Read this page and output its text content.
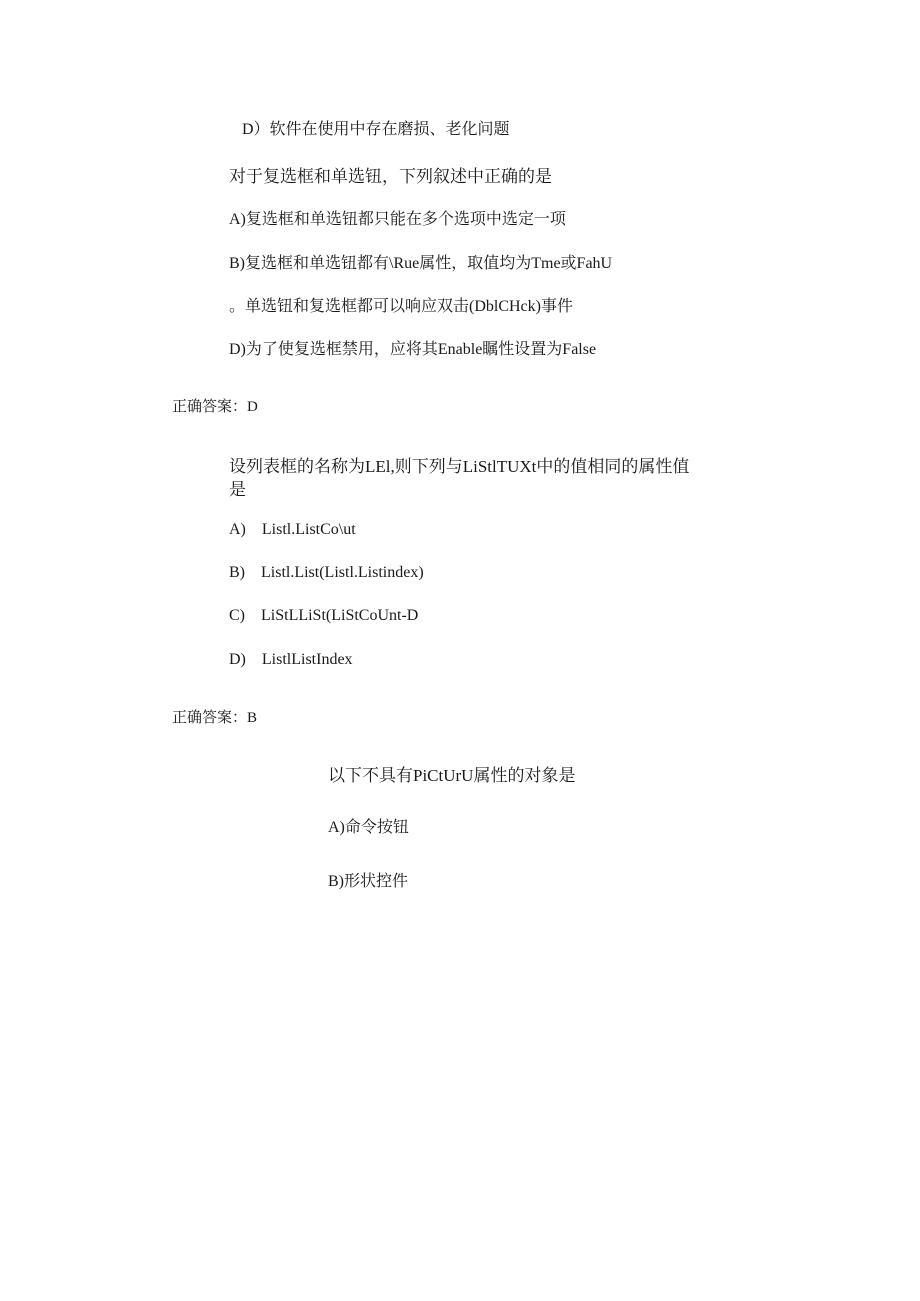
D）软件在使用中存在磨损、老化问题
对于复选框和单选钮，下列叙述中正确的是
A)复选框和单选钮都只能在多个选项中选定一项
B)复选框和单选钮都有\Rue属性，取值均为Tme或FahU
。单选钮和复选框都可以响应双击(DblCHck)事件
D)为了使复选框禁用，应将其Enable瞩性设置为False
正确答案：D
设列表框的名称为LEl,则下列与LiStlTUXt中的值相同的属性值是
A)　Listl.ListCo\ut
B)　Listl.List(Listl.Listindex)
C)　LiStLLiSt(LiStCoUnt-D
D)　ListlListIndex
正确答案：B
以下不具有PiCtUrU属性的对象是
A)命令按钮
B)形状控件
